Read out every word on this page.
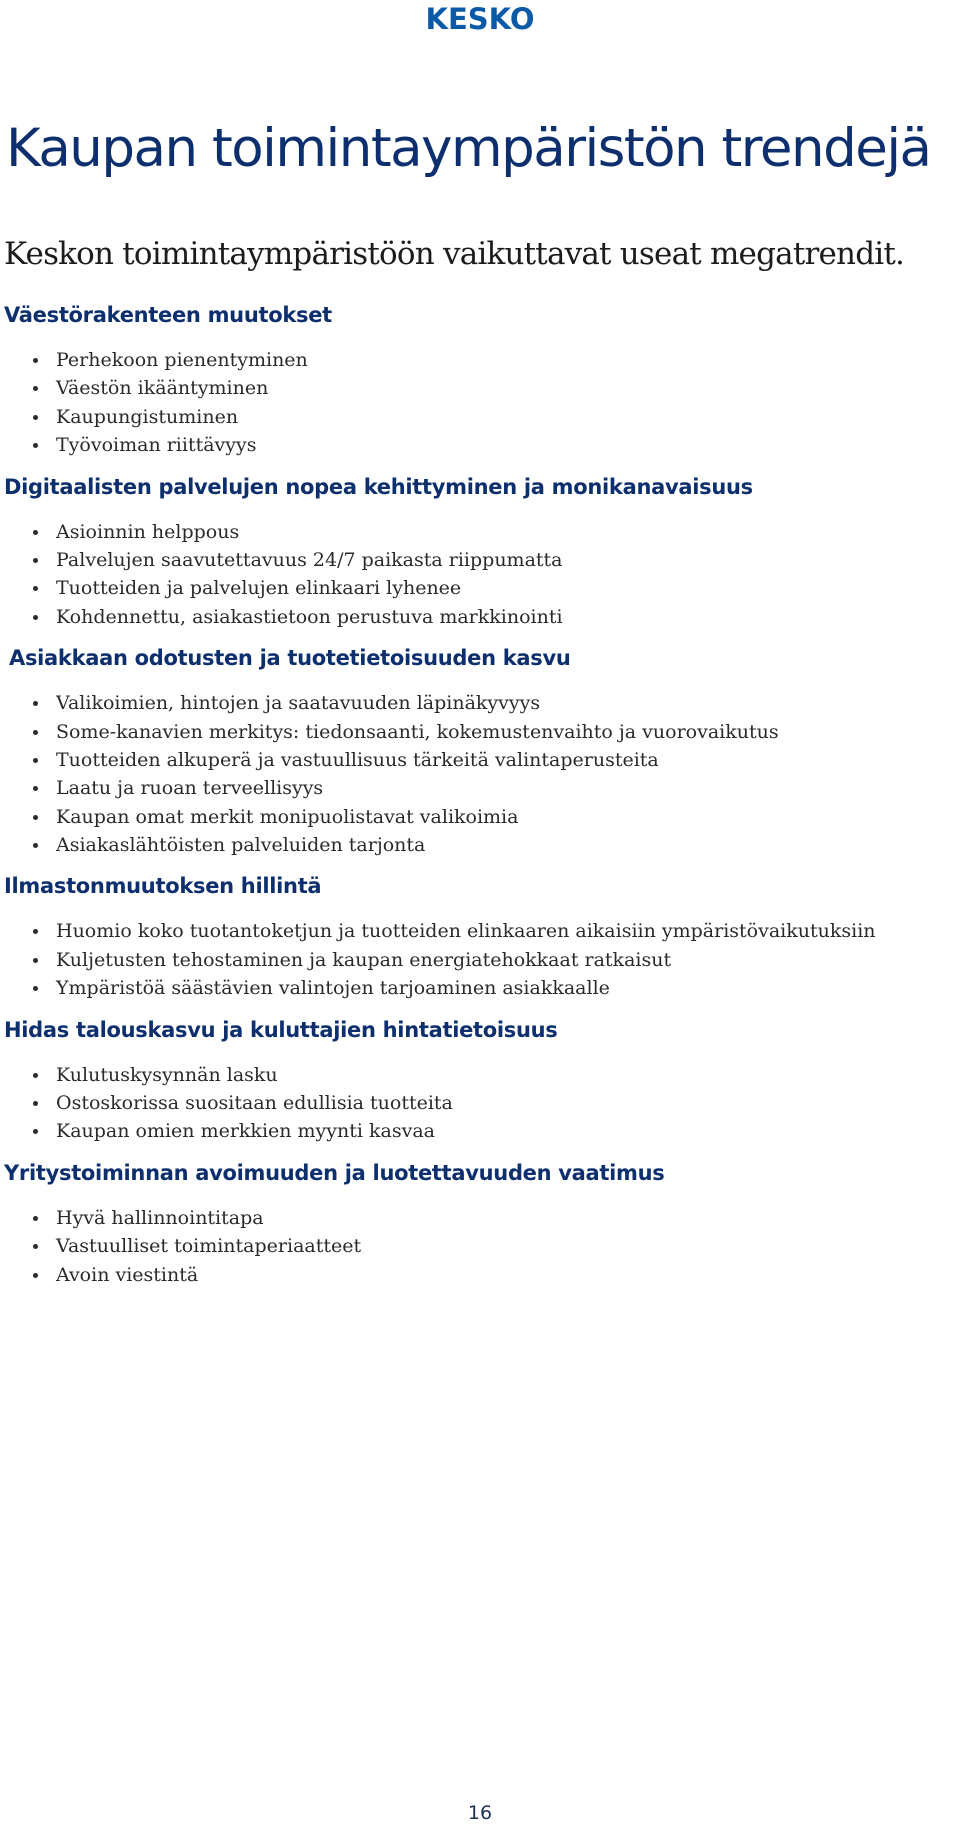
KESKO
Kaupan toimintaympäristön trendejä

Keskon toimintaympäristöön vaikuttavat useat megatrendit.

Väestörakenteen muutokset
Perhekoon pienentyminen
Väestön ikääntyminen
Kaupungistuminen
Työvoiman riittävyys
Digitaalisten palvelujen nopea kehittyminen ja monikanavaisuus
Asioinnin helppous
Palvelujen saavutettavuus 24/7 paikasta riippumatta
Tuotteiden ja palvelujen elinkaari lyhenee
Kohdennettu, asiakastietoon perustuva markkinointi
Asiakkaan odotusten ja tuotetietoisuuden kasvu
Valikoimien, hintojen ja saatavuuden läpinäkyvyys
Some-kanavien merkitys: tiedonsaanti, kokemustenvaihto ja vuorovaikutus
Tuotteiden alkuperä ja vastuullisuus tärkeitä valintaperusteita
Laatu ja ruoan terveellisyys
Kaupan omat merkit monipuolistavat valikoimia
Asiakaslähtöisten palveluiden tarjonta
Ilmastonmuutoksen hillintä
Huomio koko tuotantoketjun ja tuotteiden elinkaaren aikaisiin ympäristövaikutuksiin
Kuljetusten tehostaminen ja kaupan energiatehokkaat ratkaisut
Ympäristöä säästävien valintojen tarjoaminen asiakkaalle
Hidas talouskasvu ja kuluttajien hintatietoisuus
Kulutuskysynnän lasku
Ostoskorissa suositaan edullisia tuotteita
Kaupan omien merkkien myynti kasvaa
Yritystoiminnan avoimuuden ja luotettavuuden vaatimus
Hyvä hallinnointitapa
Vastuulliset toimintaperiaatteet
Avoin viestintä
16
